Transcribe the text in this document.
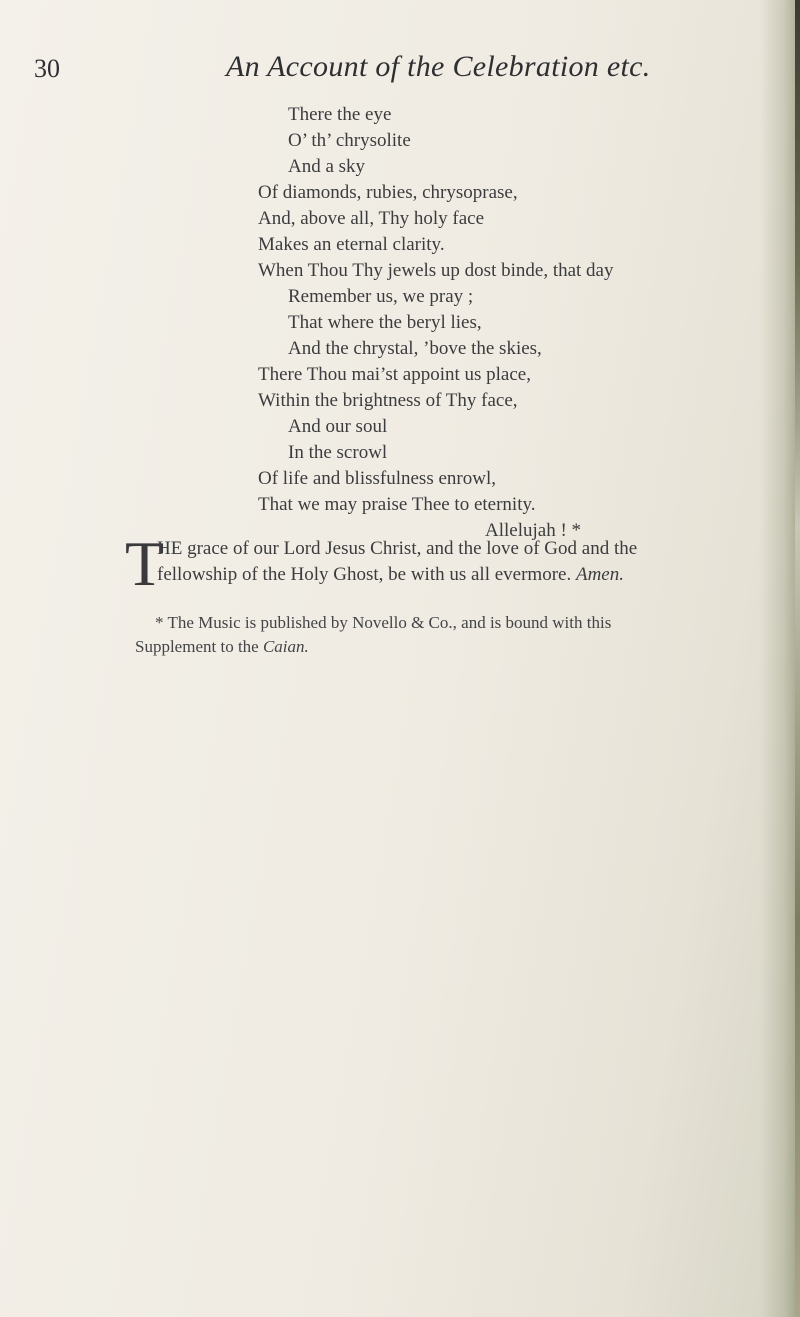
30	An Account of the Celebration etc.
There the eye
O’ th’ chrysolite
And a sky
Of diamonds, rubies, chrysoprase,
And, above all, Thy holy face
Makes an eternal clarity.
When Thou Thy jewels up dost binde, that day
Remember us, we pray ;
That where the beryl lies,
And the chrystal, ’bove the skies,
There Thou mai’st appoint us place,
Within the brightness of Thy face,
And our soul
In the scrowl
Of life and blissfulness enrowl,
That we may praise Thee to eternity.
Allelujah ! *
T
HE grace of our Lord Jesus Christ, and the love of God and the
fellowship of the Holy Ghost, be with us all evermore. Amen.
* The Music is published by Novello & Co., and is bound with this
Supplement to the Caian.
